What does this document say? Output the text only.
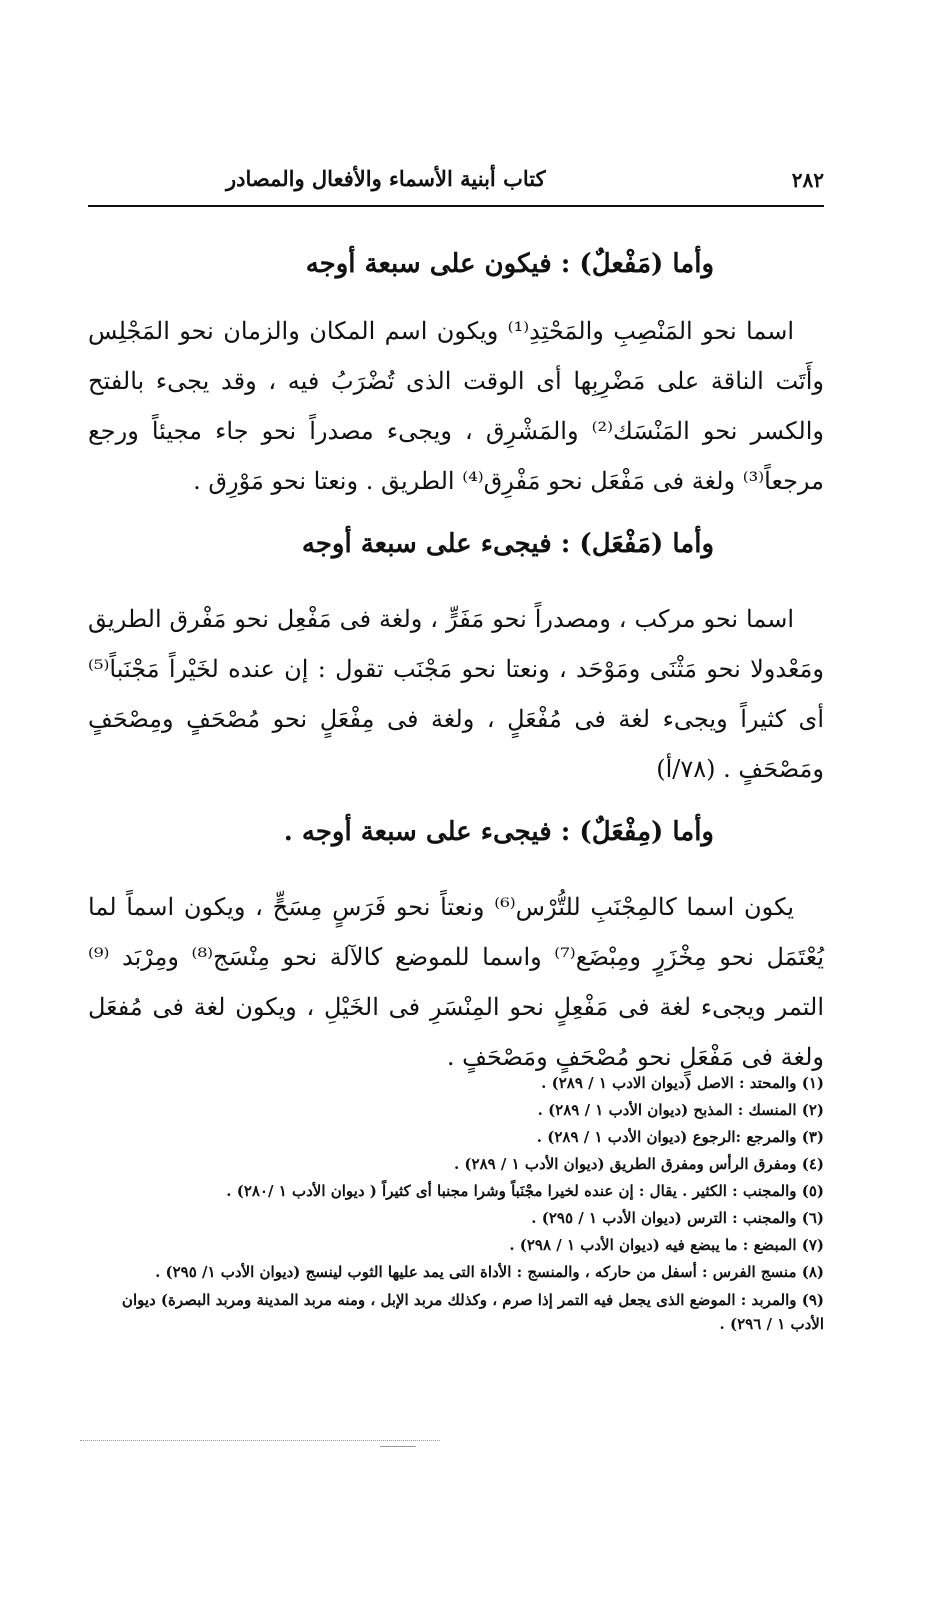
٢٨٢
كتاب أبنية الأسماء والأفعال والمصادر
وأما (مَفْعلٌ) : فيكون على سبعة أوجه

اسما نحو المَنْصِبِ والمَحْتِدِ⁽¹⁾ ويكون اسم المكان والزمان نحو المَجْلِس وأَتَت الناقة على مَضْرِبِها أى الوقت الذى تُضْرَبُ فيه ، وقد يجىء بالفتح والكسر نحو المَنْسَك⁽²⁾ والمَشْرِق ، ويجىء مصدراً نحو جاء مجيئاً ورجع مرجعاً⁽³⁾ ولغة فى مَفْعَل نحو مَفْرِق⁽⁴⁾ الطريق . ونعتا نحو مَوْرِق .

وأما (مَفْعَل) : فيجىء على سبعة أوجه

اسما نحو مركب ، ومصدراً نحو مَفَرٍّ ، ولغة فى مَفْعِل نحو مَفْرق الطريق ومَعْدولا نحو مَثْنَى ومَوْحَد ، ونعتا نحو مَجْنَب تقول : إن عنده لخَيْراً مَجْنَباً⁽⁵⁾ أى كثيراً ويجىء لغة فى مُفْعَلٍ ، ولغة فى مِفْعَلٍ نحو مُصْحَفٍ ومِصْحَفٍ ومَصْحَفٍ . (٧٨/أ)

وأما (مِفْعَلٌ) : فيجىء على سبعة أوجه .

يكون اسما كالمِجْنَبِ للتُّرْس⁽⁶⁾ ونعتاً نحو فَرَسٍ مِسَحٍّ ، ويكون اسماً لما يُعْتَمَل نحو مِخْزَرٍ ومِبْضَع⁽⁷⁾ واسما للموضع كالآلة نحو مِنْسَج⁽⁸⁾ ومِرْبَد ⁽⁹⁾ التمر ويجىء لغة فى مَفْعِلٍ نحو المِنْسَرِ فى الخَيْلِ ، ويكون لغة فى مُفعَل ولغة فى مَفْعَلٍ نحو مُصْحَفٍ ومَصْحَفٍ .

(١) والمحتد : الاصل (ديوان الادب ١ / ٢٨٩) .

(٢) المنسك : المذبح (ديوان الأدب ١ / ٢٨٩) .

(٣) والمرجع :الرجوع (ديوان الأدب ١ / ٢٨٩) .

(٤) ومفرق الرأس ومفرق الطريق (ديوان الأدب ١ / ٢٨٩) .

(٥) والمجنب : الكثير . يقال : إن عنده لخيرا مجْنَباً وشرا مجنبا أى كثيراً ( ديوان الأدب ١ /٢٨٠) .

(٦) والمجنب : الترس (ديوان الأدب ١ / ٢٩٥) .

(٧) المبضع : ما يبضع فيه (ديوان الأدب ١ / ٢٩٨) .

(٨) منسج الفرس : أسفل من حاركه ، والمنسج : الأداة التى يمد عليها الثوب لينسج (ديوان الأدب ١/ ٢٩٥) .

(٩) والمربد : الموضع الذى يجعل فيه التمر إذا صرم ، وكذلك مربد الإبل ، ومنه مربد المدينة ومربد البصرة) ديوان الأدب ١ / ٢٩٦) .
